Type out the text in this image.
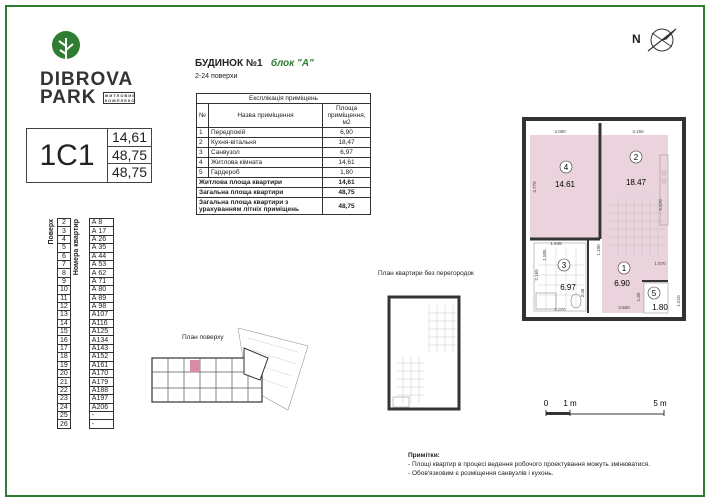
DIBROVA
PARK ЖИТЛОВИЙ КОМПЛЕКС
1С1
14,61
48,75
48,75
БУДИНОК №1 блок "А"
2-24 поверхи
Експлікація приміщень		
№	Назва приміщення	Площа приміщення, м2
1	Передпокій	6,90
2	Кухня-вітальня	18,47
3	Санвузол	6,97
4	Житлова кімната	14,61
5	Гардероб	1,80
Житлова площа квартири		14,61
Загальна площа квартири		48,75
Загальна площа квартири з урахуванням літніх приміщень		48,75
Поверх	2	Номера квартир	А 8
	3		А 17
	4		А 26
	5		А 35
	6		А 44
	7		А 53
	8		А 62
	9		А 71
	10		А 80
	11		А 89
	12		А 98
	13		А107
	14		А116
	15		А125
	16		А134
	17		А143
	18		А152
	19		А161
	20		А170
	21		А179
	22		А188
	23		А197
	24		А206
	25		-
	26		-
N
4
14.61
2
18.47
3
6.97
1
6.90
5
1.80
3.060	3.155
4.775
5.570
1.945
1.100
2.165
2.46	1.80
1.570
3.560
1.610
3.070
1.505
План квартири без перегородок
План поверху
0 1 m	5 m
Примітки:
- Площі квартир в процесі ведення робочого проектування можуть змінюватися.
- Обов'язковим є розміщення санвузлів і кухонь.
